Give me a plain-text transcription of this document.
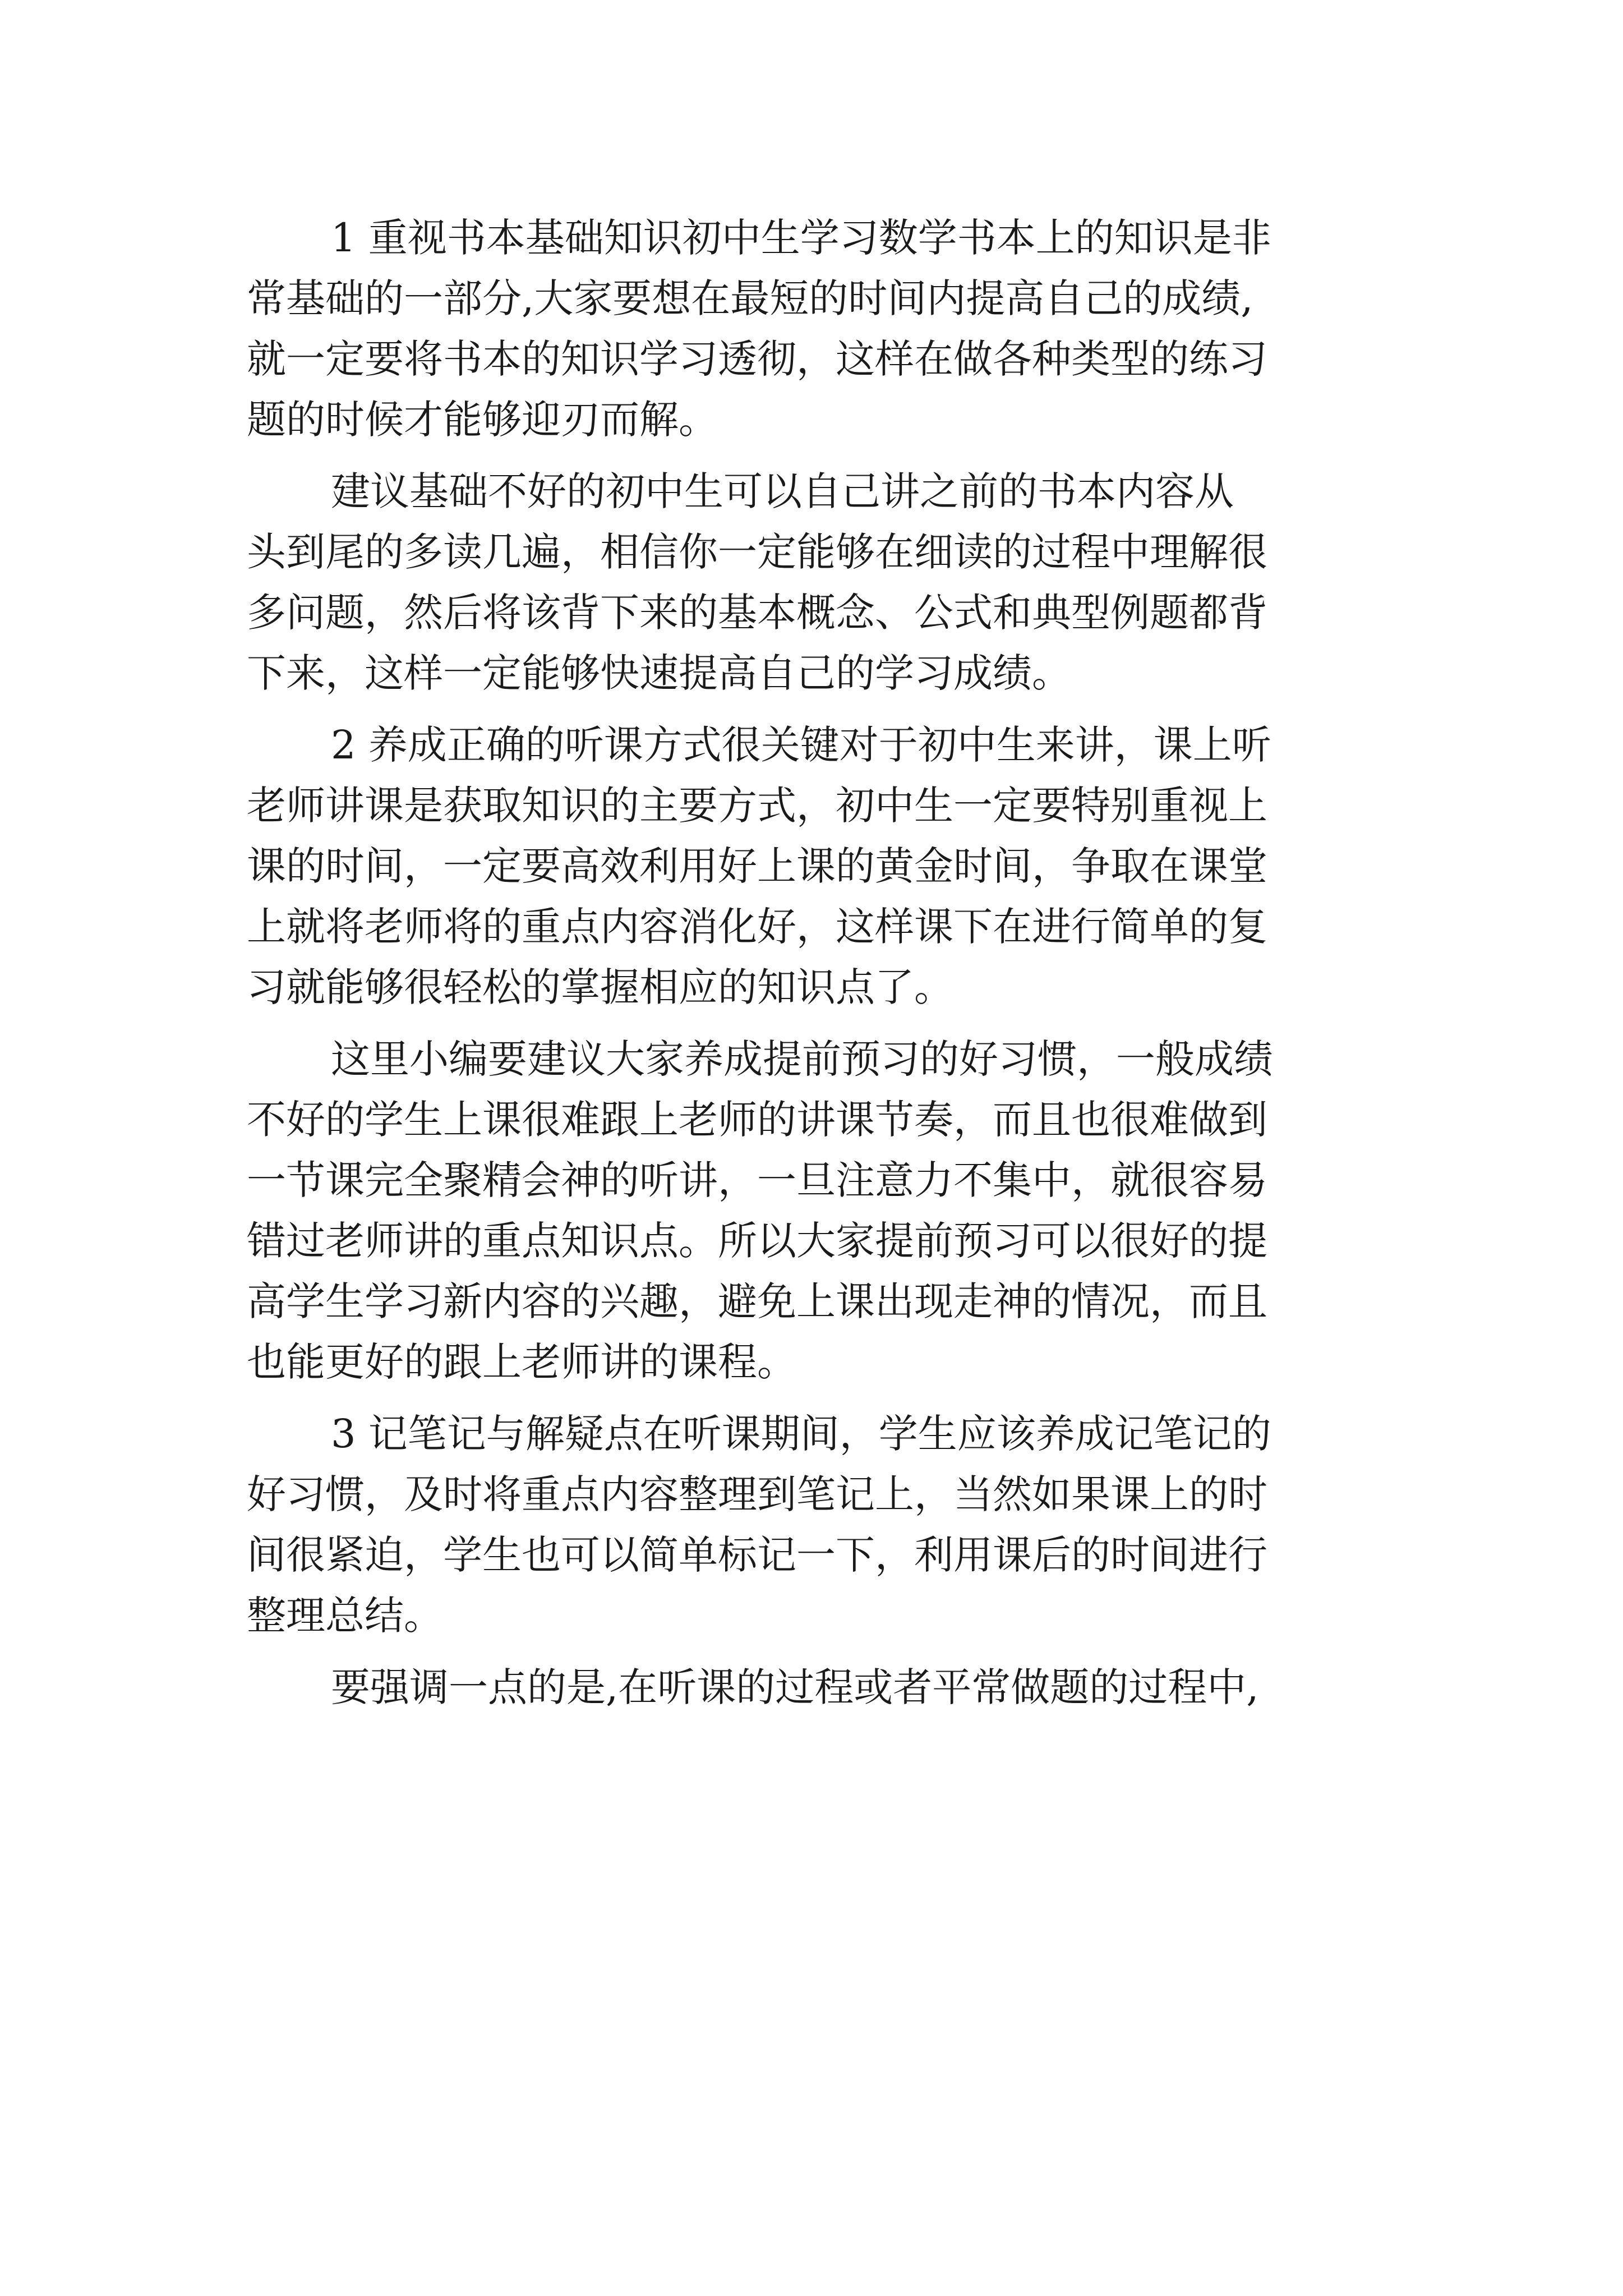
1 重视书本基础知识初中生学习数学书本上的知识是非
常基础的一部分,大家要想在最短的时间内提高自己的成绩,
就一定要将书本的知识学习透彻，这样在做各种类型的练习
题的时候才能够迎刃而解。
建议基础不好的初中生可以自己讲之前的书本内容从
头到尾的多读几遍，相信你一定能够在细读的过程中理解很
多问题，然后将该背下来的基本概念、公式和典型例题都背
下来，这样一定能够快速提高自己的学习成绩。
2 养成正确的听课方式很关键对于初中生来讲，课上听
老师讲课是获取知识的主要方式，初中生一定要特别重视上
课的时间，一定要高效利用好上课的黄金时间，争取在课堂
上就将老师将的重点内容消化好，这样课下在进行简单的复
习就能够很轻松的掌握相应的知识点了。
这里小编要建议大家养成提前预习的好习惯，一般成绩
不好的学生上课很难跟上老师的讲课节奏，而且也很难做到
一节课完全聚精会神的听讲，一旦注意力不集中，就很容易
错过老师讲的重点知识点。所以大家提前预习可以很好的提
高学生学习新内容的兴趣，避免上课出现走神的情况，而且
也能更好的跟上老师讲的课程。
3 记笔记与解疑点在听课期间，学生应该养成记笔记的
好习惯，及时将重点内容整理到笔记上，当然如果课上的时
间很紧迫，学生也可以简单标记一下，利用课后的时间进行
整理总结。
要强调一点的是,在听课的过程或者平常做题的过程中,
